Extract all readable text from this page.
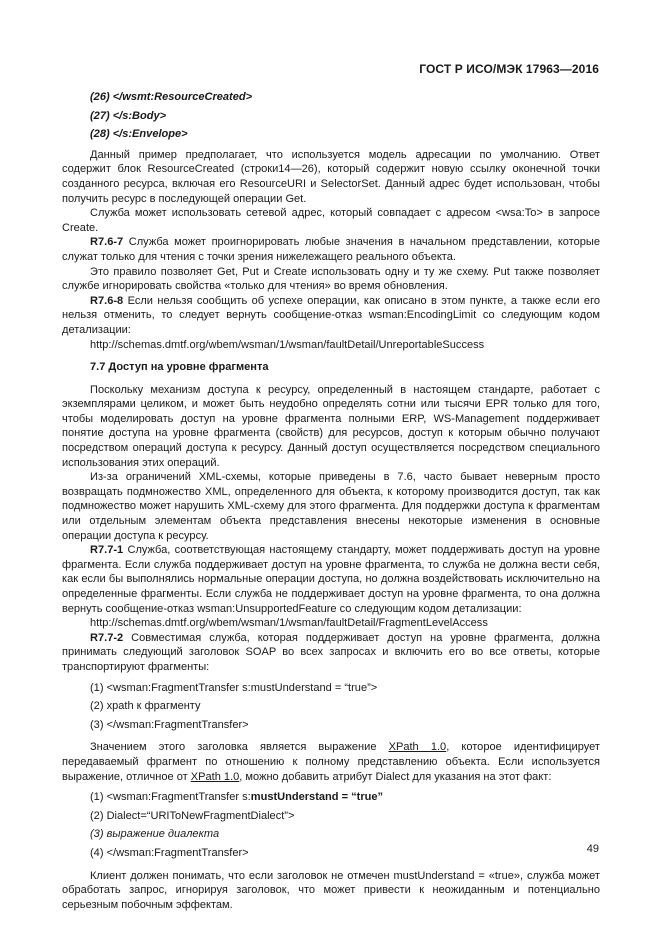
ГОСТ Р ИСО/МЭК 17963—2016

(26) </wsmt:ResourceCreated>

(27) </s:Body>

(28) </s:Envelope>

Данный пример предполагает, что используется модель адресации по умолчанию. Ответ содержит блок ResourceCreated (строки14—26), который содержит новую ссылку оконечной точки созданного ресурса, включая его ResourceURI и SelectorSet. Данный адрес будет использован, чтобы получить ресурс в последующей операции Get.

Служба может использовать сетевой адрес, который совпадает с адресом <wsa:To> в запросе Create.

R7.6-7 Служба может проигнорировать любые значения в начальном представлении, которые служат только для чтения с точки зрения нижележащего реального объекта.

Это правило позволяет Get, Put и Create использовать одну и ту же схему. Put также позволяет службе игнорировать свойства «только для чтения» во время обновления.

R7.6-8 Если нельзя сообщить об успехе операции, как описано в этом пункте, а также если его нельзя отменить, то следует вернуть сообщение-отказ wsman:EncodingLimit со следующим кодом детализации:

http://schemas.dmtf.org/wbem/wsman/1/wsman/faultDetail/UnreportableSuccess

7.7 Доступ на уровне фрагмента

Поскольку механизм доступа к ресурсу, определенный в настоящем стандарте, работает с экземплярами целиком, и может быть неудобно определять сотни или тысячи EPR только для того, чтобы моделировать доступ на уровне фрагмента полными ERP, WS-Management поддерживает понятие доступа на уровне фрагмента (свойств) для ресурсов, доступ к которым обычно получают посредством операций доступа к ресурсу. Данный доступ осуществляется посредством специального использования этих операций.

Из-за ограничений XML-схемы, которые приведены в 7.6, часто бывает неверным просто возвращать подмножество XML, определенного для объекта, к которому производится доступ, так как подмножество может нарушить XML-схему для этого фрагмента. Для поддержки доступа к фрагментам или отдельным элементам объекта представления внесены некоторые изменения в основные операции доступа к ресурсу.

R7.7-1 Служба, соответствующая настоящему стандарту, может поддерживать доступ на уровне фрагмента. Если служба поддерживает доступ на уровне фрагмента, то служба не должна вести себя, как если бы выполнялись нормальные операции доступа, но должна воздействовать исключительно на определенные фрагменты. Если служба не поддерживает доступ на уровне фрагмента, то она должна вернуть сообщение-отказ wsman:UnsupportedFeature со следующим кодом детализации:

http://schemas.dmtf.org/wbem/wsman/1/wsman/faultDetail/FragmentLevelAccess

R7.7-2 Совместимая служба, которая поддерживает доступ на уровне фрагмента, должна принимать следующий заголовок SOAP во всех запросах и включить его во все ответы, которые транспортируют фрагменты:

(1) <wsman:FragmentTransfer s:mustUnderstand = “true”>

(2) xpath к фрагменту

(3) </wsman:FragmentTransfer>

Значением этого заголовка является выражение XPath 1.0, которое идентифицирует передаваемый фрагмент по отношению к полному представлению объекта. Если используется выражение, отличное от XPath 1.0, можно добавить атрибут Dialect для указания на этот факт:

(1) <wsman:FragmentTransfer s:mustUnderstand = “true”

(2) Dialect=“URIToNewFragmentDialect”>

(3) выражение диалекта

(4) </wsman:FragmentTransfer>

Клиент должен понимать, что если заголовок не отмечен mustUnderstand = «true», служба может обработать запрос, игнорируя заголовок, что может привести к неожиданным и потенциально серьезным побочным эффектам.

49
